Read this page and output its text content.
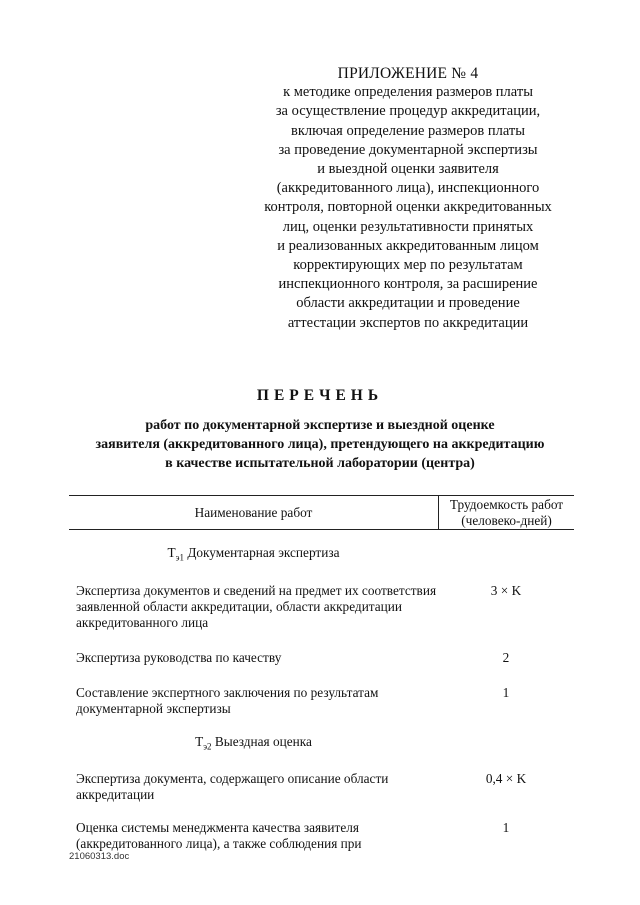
ПРИЛОЖЕНИЕ № 4
к методике определения размеров платы
за осуществление процедур аккредитации,
включая определение размеров платы
за проведение документарной экспертизы
и выездной оценки заявителя
(аккредитованного лица), инспекционного
контроля, повторной оценки аккредитованных
лиц, оценки результативности принятых
и реализованных аккредитованным лицом
корректирующих мер по результатам
инспекционного контроля, за расширение
области аккредитации и проведение
аттестации экспертов по аккредитации
ПЕРЕЧЕНЬ
работ по документарной экспертизе и выездной оценке
заявителя (аккредитованного лица), претендующего на аккредитацию
в качестве испытательной лаборатории (центра)
Наименование работ	Трудоемкость работ
(человеко-дней)
$T_{э1}$ Документарная экспертиза
Экспертиза документов и сведений на предмет их соответствия заявленной области аккредитации, области аккредитации аккредитованного лица
3 × K
Экспертиза руководства по качеству	2
Составление экспертного заключения по результатам документарной экспертизы
1
$T_{э2}$ Выездная оценка
Экспертиза документа, содержащего описание области аккредитации
0,4 × K
Оценка системы менеджмента качества заявителя (аккредитованного лица), а также соблюдения при
1
21060313.doc
